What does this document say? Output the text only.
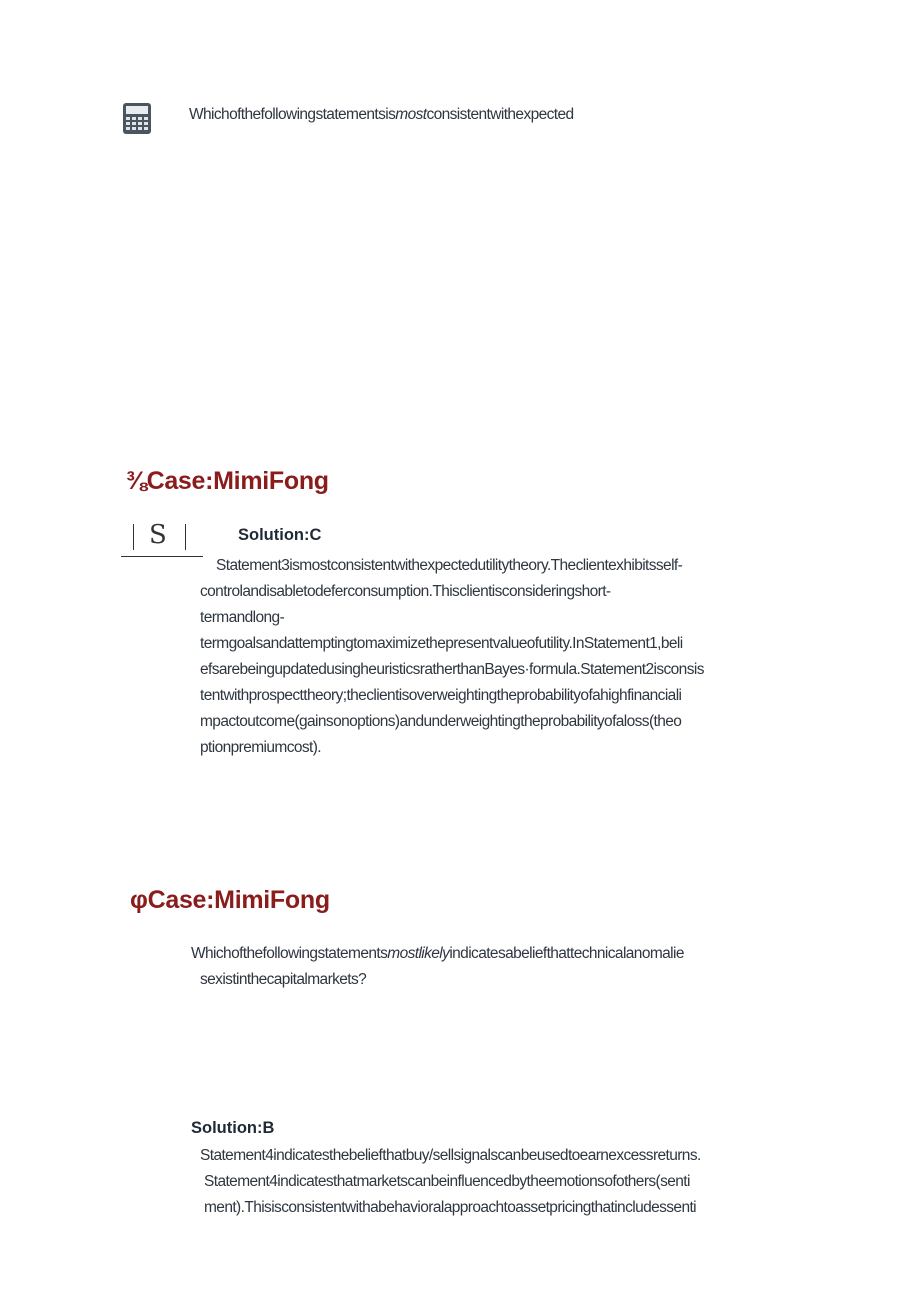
Whichofthefollowingstatementsismostconsistentwithexpected
⅜Case:MimiFong
S	Solution:C
Statement3ismostconsistentwithexpectedutilitytheory.Theclientexhibitsself-
controlandisabletodeferconsumption.Thisclientisconsideringshort-
termandlong-
termgoalsandattemptingtomaximizethepresentvalueofutility.InStatement1,beli
efsarebeingupdatedusingheuristicsratherthanBayes·formula.Statement2isconsis
tentwithprospecttheory;theclientisoverweightingtheprobabilityofahighfinanciali
mpactoutcome(gainsonoptions)andunderweightingtheprobabilityofaloss(theo
ptionpremiumcost).
φCase:MimiFong
Whichofthefollowingstatementsmostlikelyindicatesabeliefthattechnicalanomalie
sexistinthecapitalmarkets?
Solution:B
Statement4indicatesthebeliefthatbuy/sellsignalscanbeusedtoearnexcessreturns.
Statement4indicatesthatmarketscanbeinfluencedbytheemotionsofothers(senti
ment).Thisisconsistentwithabehavioralapproachtoassetpricingthatincludessenti
